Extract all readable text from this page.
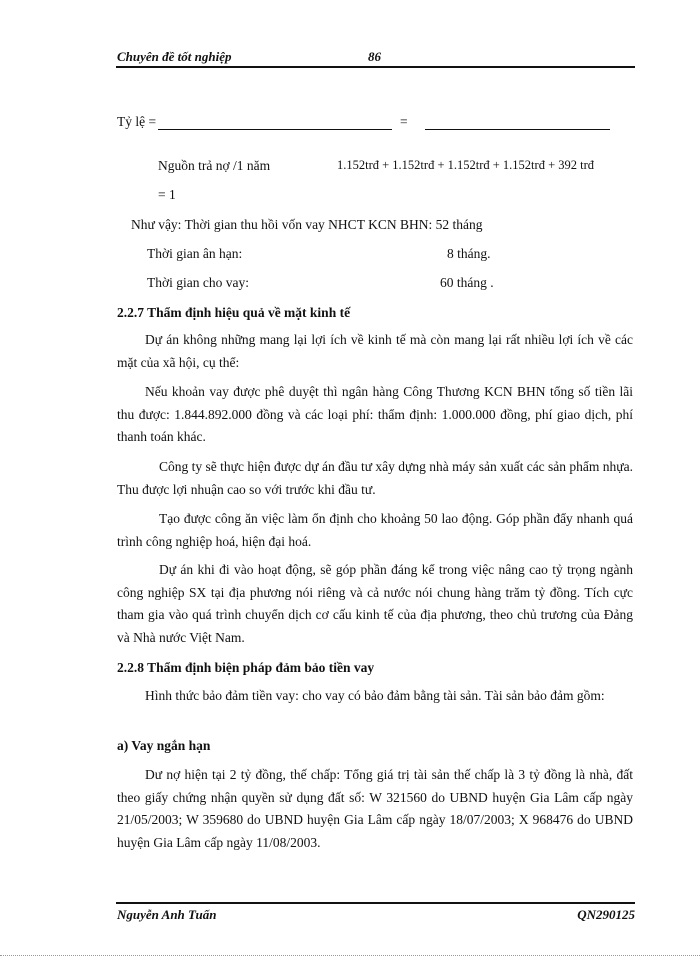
Chuyên đề tốt nghiệp	86
Tỷ lệ =	=
Nguồn trả nợ /1 năm	1.152trđ + 1.152trđ + 1.152trđ + 1.152trđ + 392 trđ
= 1
Như vậy: Thời gian thu hồi vốn vay NHCT KCN BHN: 52 tháng
Thời gian ân hạn:	8 tháng.
Thời gian cho vay:	60 tháng .
2.2.7 Thẩm định hiệu quả về mặt kinh tế
Dự án không những mang lại lợi ích về kinh tế mà còn mang lại rất nhiều lợi ích về các mặt của xã hội, cụ thể:
Nếu khoản vay được phê duyệt thì ngân hàng Công Thương KCN BHN tổng số tiền lãi thu được: 1.844.892.000 đồng và các loại phí: thẩm định: 1.000.000 đồng, phí giao dịch, phí thanh toán khác.
Công ty sẽ thực hiện được dự án đầu tư xây dựng nhà máy sản xuất các sản phẩm nhựa. Thu được lợi nhuận cao so với trước khi đầu tư.
Tạo được công ăn việc làm ổn định cho khoảng 50 lao động. Góp phần đẩy nhanh quá trình công nghiệp hoá, hiện đại hoá.
Dự án khi đi vào hoạt động, sẽ góp phần đáng kể trong việc nâng cao tỷ trọng ngành công nghiệp SX tại địa phương nói riêng và cả nước nói chung hàng trăm tỷ đồng. Tích cực tham gia vào quá trình chuyển dịch cơ cấu kinh tế của địa phương, theo chủ trương của Đảng và Nhà nước Việt Nam.
2.2.8 Thẩm định biện pháp đảm bảo tiền vay
Hình thức bảo đảm tiền vay: cho vay có bảo đảm bằng tài sản. Tài sản bảo đảm gồm:
a) Vay ngắn hạn
Dư nợ hiện tại 2 tỷ đồng, thế chấp: Tổng giá trị tài sản thế chấp là 3 tỷ đồng là nhà, đất theo giấy chứng nhận quyền sử dụng đất số: W 321560 do UBND huyện Gia Lâm cấp ngày 21/05/2003; W 359680 do UBND huyện Gia Lâm cấp ngày 18/07/2003; X 968476 do UBND huyện Gia Lâm cấp ngày 11/08/2003.
Nguyễn Anh Tuấn	QN290125
